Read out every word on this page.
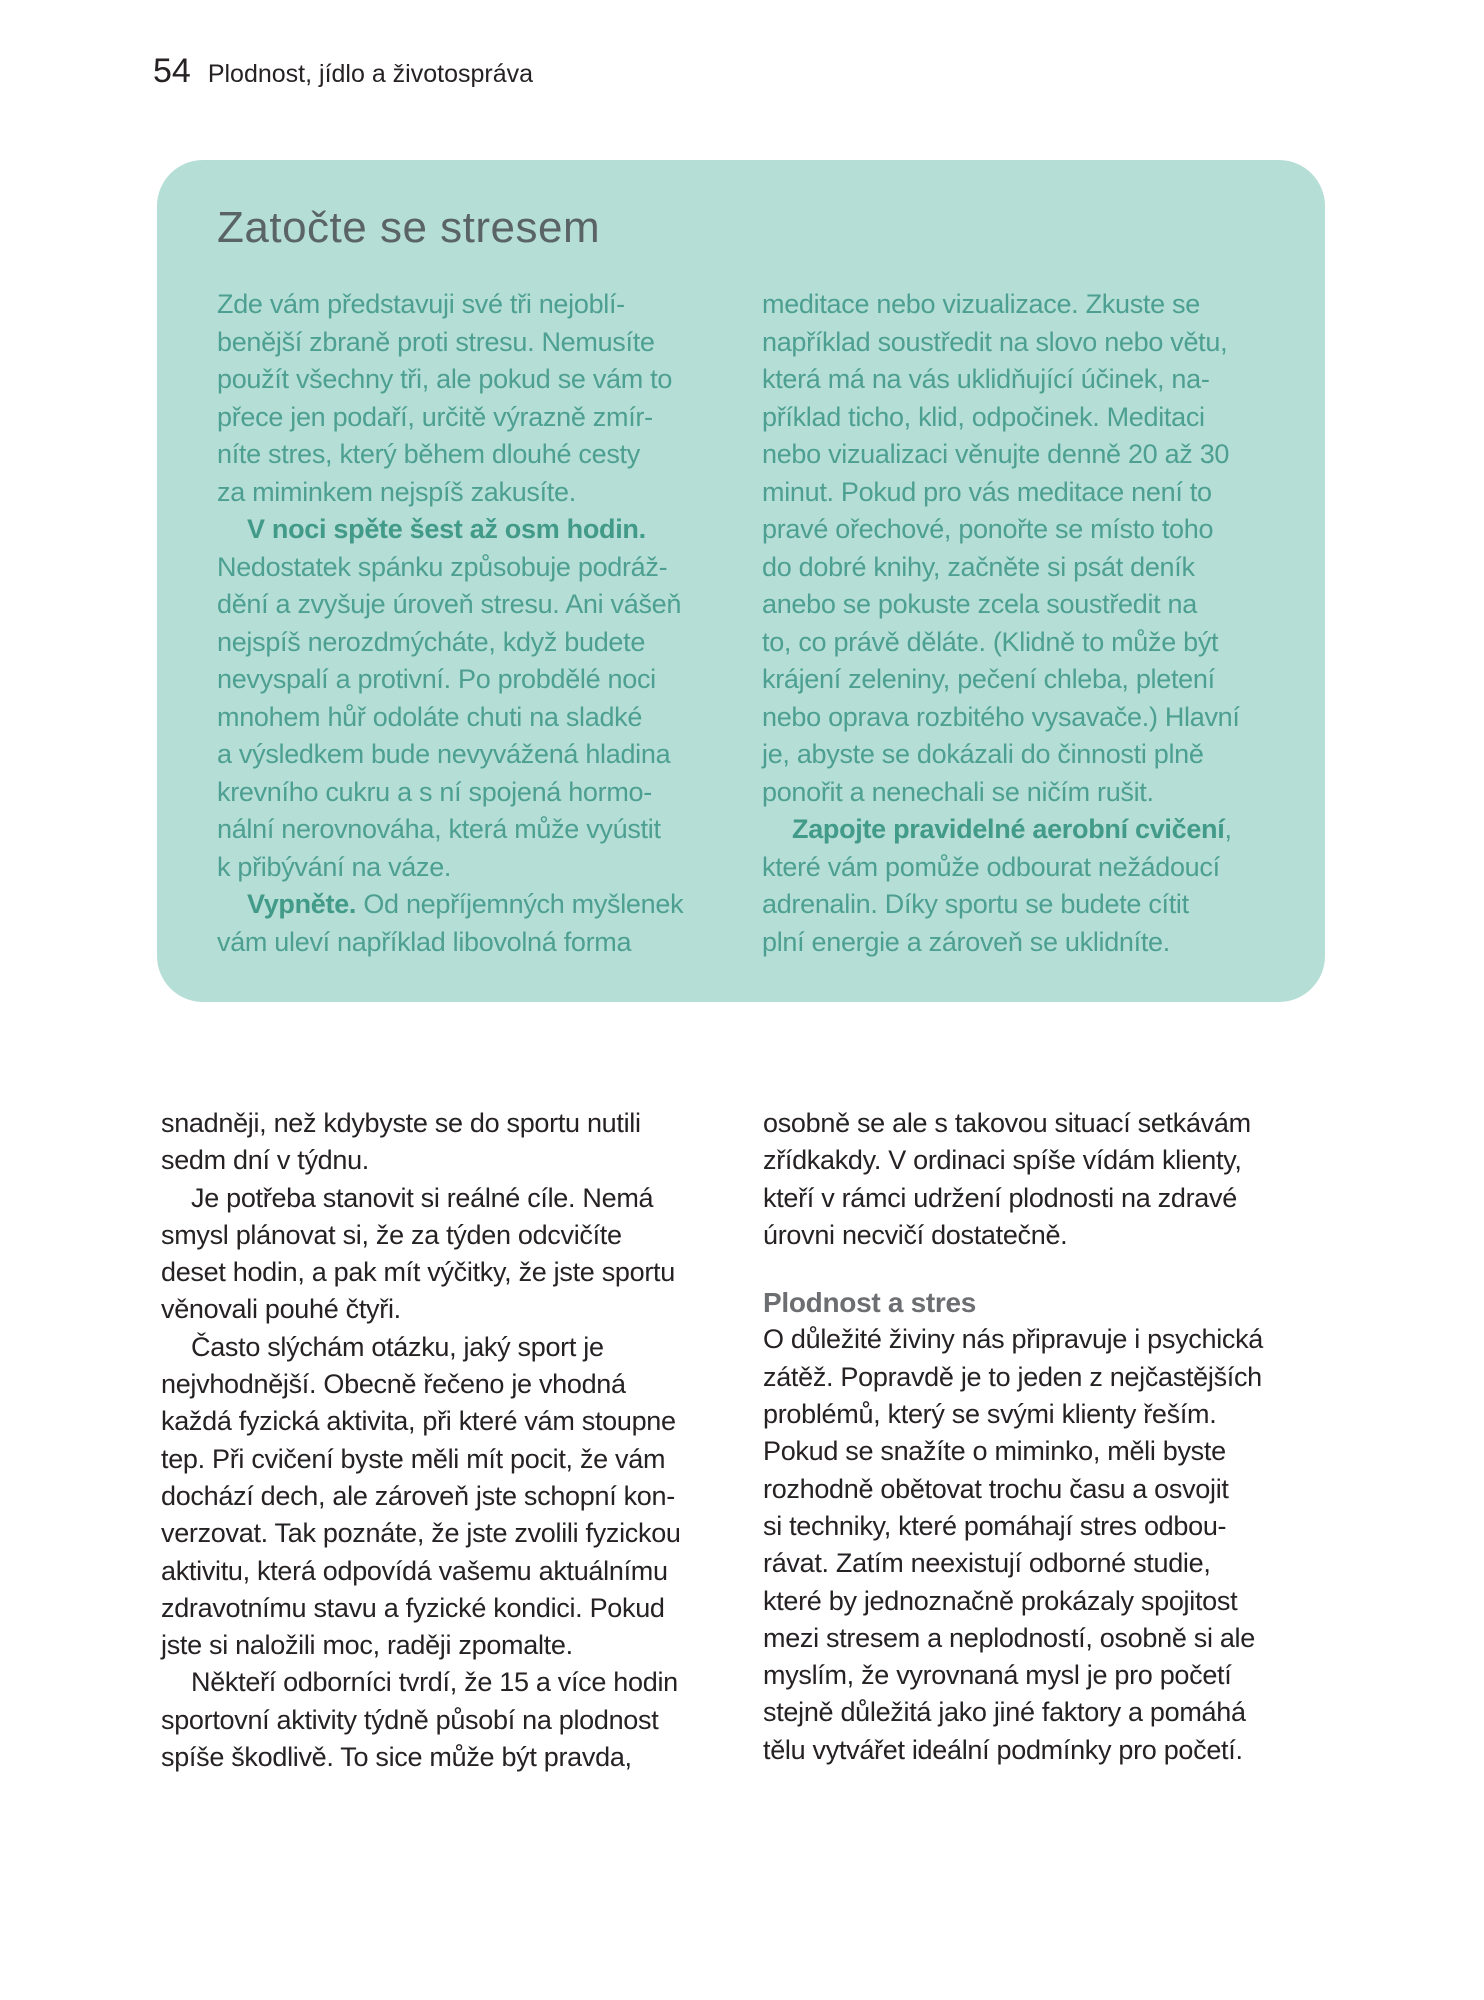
54 Plodnost, jídlo a životospráva
Zatočte se stresem
Zde vám představuji své tři nejoblí-
benější zbraně proti stresu. Nemusíte
použít všechny tři, ale pokud se vám to
přece jen podaří, určitě výrazně zmír-
níte stres, který během dlouhé cesty
za miminkem nejspíš zakusíte.
V noci spěte šest až osm hodin.
Nedostatek spánku způsobuje podráž-
dění a zvyšuje úroveň stresu. Ani vášeň
nejspíš nerozdmýcháte, když budete
nevyspalí a protivní. Po probdělé noci
mnohem hůř odoláte chuti na sladké
a výsledkem bude nevyvážená hladina
krevního cukru a s ní spojená hormo-
nální nerovnováha, která může vyústit
k přibývání na váze.
Vypněte. Od nepříjemných myšlenek
vám uleví například libovolná forma
meditace nebo vizualizace. Zkuste se
například soustředit na slovo nebo větu,
která má na vás uklidňující účinek, na-
příklad ticho, klid, odpočinek. Meditaci
nebo vizualizaci věnujte denně 20 až 30
minut. Pokud pro vás meditace není to
pravé ořechové, ponořte se místo toho
do dobré knihy, začněte si psát deník
anebo se pokuste zcela soustředit na
to, co právě děláte. (Klidně to může být
krájení zeleniny, pečení chleba, pletení
nebo oprava rozbitého vysavače.) Hlavní
je, abyste se dokázali do činnosti plně
ponořit a nenechali se ničím rušit.
Zapojte pravidelné aerobní cvičení,
které vám pomůže odbourat nežádoucí
adrenalin. Díky sportu se budete cítit
plní energie a zároveň se uklidníte.
snadněji, než kdybyste se do sportu nutili
sedm dní v týdnu.
Je potřeba stanovit si reálné cíle. Nemá
smysl plánovat si, že za týden odcvičíte
deset hodin, a pak mít výčitky, že jste sportu
věnovali pouhé čtyři.
Často slýchám otázku, jaký sport je
nejvhodnější. Obecně řečeno je vhodná
každá fyzická aktivita, při které vám stoupne
tep. Při cvičení byste měli mít pocit, že vám
dochází dech, ale zároveň jste schopní kon-
verzovat. Tak poznáte, že jste zvolili fyzickou
aktivitu, která odpovídá vašemu aktuálnímu
zdravotnímu stavu a fyzické kondici. Pokud
jste si naložili moc, raději zpomalte.
Někteří odborníci tvrdí, že 15 a více hodin
sportovní aktivity týdně působí na plodnost
spíše škodlivě. To sice může být pravda,
osobně se ale s takovou situací setkávám
zřídkakdy. V ordinaci spíše vídám klienty,
kteří v rámci udržení plodnosti na zdravé
úrovni necvičí dostatečně.
Plodnost a stres
O důležité živiny nás připravuje i psychická
zátěž. Popravdě je to jeden z nejčastějších
problémů, který se svými klienty řeším.
Pokud se snažíte o miminko, měli byste
rozhodně obětovat trochu času a osvojit
si techniky, které pomáhají stres odbou-
rávat. Zatím neexistují odborné studie,
které by jednoznačně prokázaly spojitost
mezi stresem a neplodností, osobně si ale
myslím, že vyrovnaná mysl je pro početí
stejně důležitá jako jiné faktory a pomáhá
tělu vytvářet ideální podmínky pro početí.
